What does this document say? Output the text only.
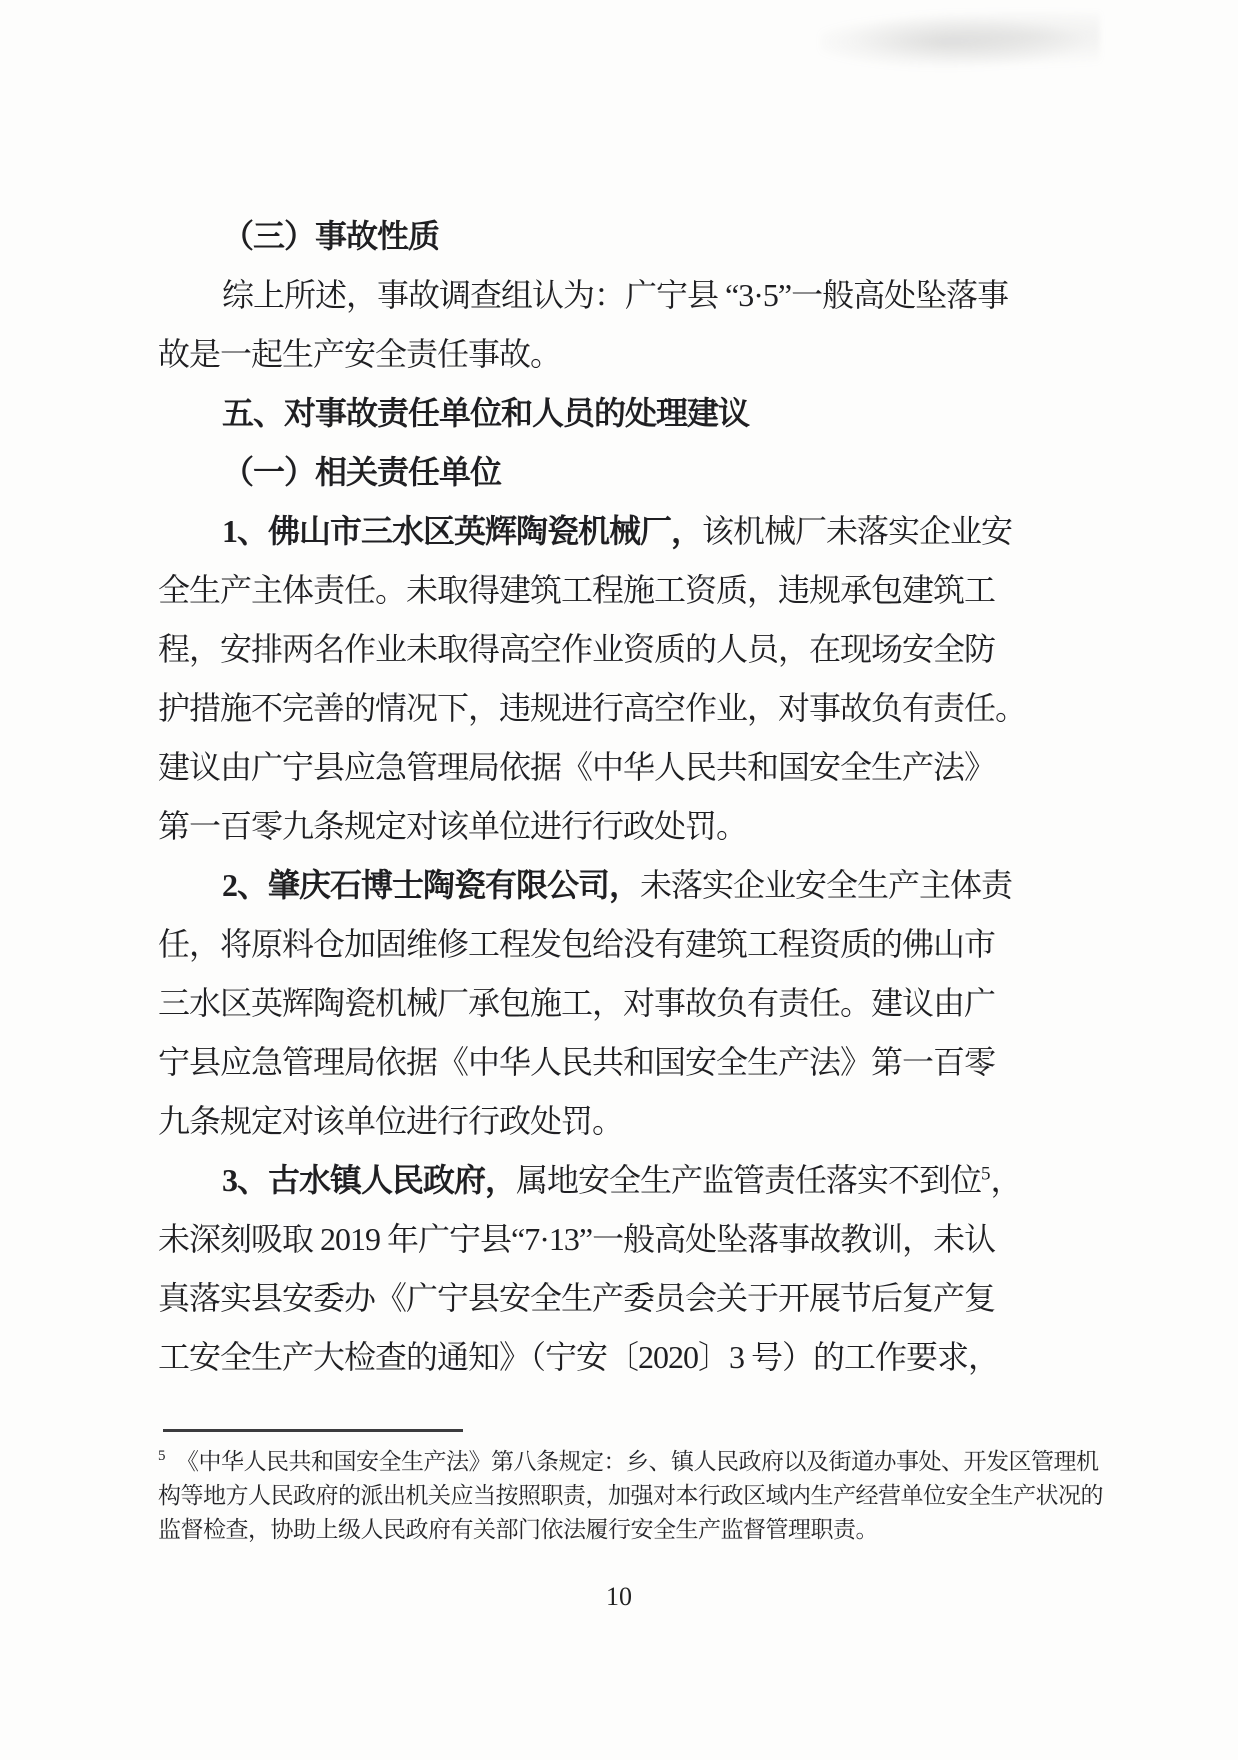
（三）事故性质
综上所述，事故调查组认为：广宁县 “3·5”一般高处坠落事
故是一起生产安全责任事故。
五、对事故责任单位和人员的处理建议
（一）相关责任单位
1、佛山市三水区英辉陶瓷机械厂，该机械厂未落实企业安
全生产主体责任。未取得建筑工程施工资质，违规承包建筑工
程，安排两名作业未取得高空作业资质的人员，在现场安全防
护措施不完善的情况下，违规进行高空作业，对事故负有责任。
建议由广宁县应急管理局依据《中华人民共和国安全生产法》
第一百零九条规定对该单位进行行政处罚。
2、肇庆石博士陶瓷有限公司，未落实企业安全生产主体责
任，将原料仓加固维修工程发包给没有建筑工程资质的佛山市
三水区英辉陶瓷机械厂承包施工，对事故负有责任。建议由广
宁县应急管理局依据《中华人民共和国安全生产法》第一百零
九条规定对该单位进行行政处罚。
3、古水镇人民政府，属地安全生产监管责任落实不到位$^5$，
未深刻吸取 2019 年广宁县“7·13”一般高处坠落事故教训，未认
真落实县安委办《广宁县安全生产委员会关于开展节后复产复
工安全生产大检查的通知》（宁安〔2020〕3 号）的工作要求，
$^5$ 《中华人民共和国安全生产法》第八条规定：乡、镇人民政府以及街道办事处、开发区管理机
构等地方人民政府的派出机关应当按照职责，加强对本行政区域内生产经营单位安全生产状况的
监督检查，协助上级人民政府有关部门依法履行安全生产监督管理职责。
10
